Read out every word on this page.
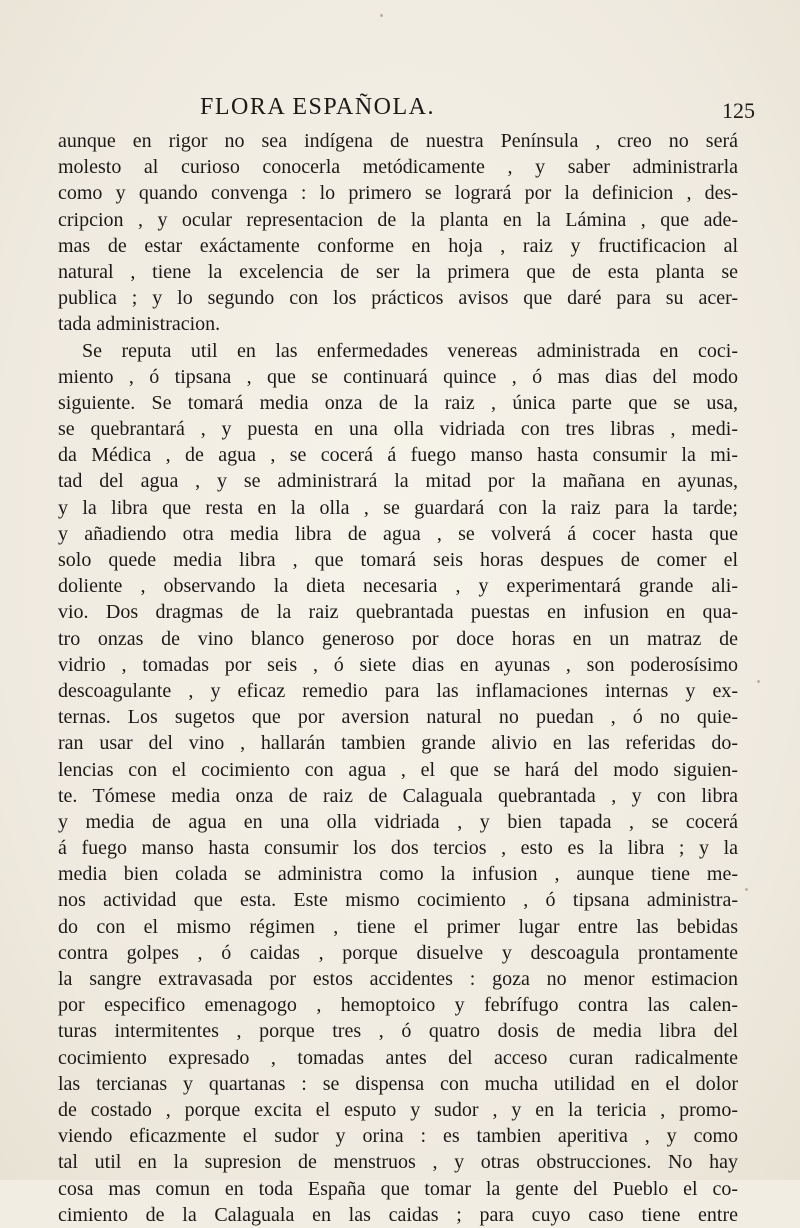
FLORA ESPAÑOLA.	125
aunque en rigor no sea indígena de nuestra Península , creo no será
molesto al curioso conocerla metódicamente , y saber administrarla
como y quando convenga : lo primero se logrará por la definicion , des-
cripcion , y ocular representacion de la planta en la Lámina , que ade-
mas de estar exáctamente conforme en hoja , raiz y fructificacion al
natural , tiene la excelencia de ser la primera que de esta planta se
publica ; y lo segundo con los prácticos avisos que daré para su acer-
tada administracion.
Se reputa util en las enfermedades venereas administrada en coci-
miento , ó tipsana , que se continuará quince , ó mas dias del modo
siguiente. Se tomará media onza de la raiz , única parte que se usa,
se quebrantará , y puesta en una olla vidriada con tres libras , medi-
da Médica , de agua , se cocerá á fuego manso hasta consumir la mi-
tad del agua , y se administrará la mitad por la mañana en ayunas,
y la libra que resta en la olla , se guardará con la raiz para la tarde;
y añadiendo otra media libra de agua , se volverá á cocer hasta que
solo quede media libra , que tomará seis horas despues de comer el
doliente , observando la dieta necesaria , y experimentará grande ali-
vio. Dos dragmas de la raiz quebrantada puestas en infusion en qua-
tro onzas de vino blanco generoso por doce horas en un matraz de
vidrio , tomadas por seis , ó siete dias en ayunas , son poderosísimo
descoagulante , y eficaz remedio para las inflamaciones internas y ex-
ternas. Los sugetos que por aversion natural no puedan , ó no quie-
ran usar del vino , hallarán tambien grande alivio en las referidas do-
lencias con el cocimiento con agua , el que se hará del modo siguien-
te. Tómese media onza de raiz de Calaguala quebrantada , y con libra
y media de agua en una olla vidriada , y bien tapada , se cocerá
á fuego manso hasta consumir los dos tercios , esto es la libra ; y la
media bien colada se administra como la infusion , aunque tiene me-
nos actividad que esta. Este mismo cocimiento , ó tipsana administra-
do con el mismo régimen , tiene el primer lugar entre las bebidas
contra golpes , ó caidas , porque disuelve y descoagula prontamente
la sangre extravasada por estos accidentes : goza no menor estimacion
por especifico emenagogo , hemoptoico y febrífugo contra las calen-
turas intermitentes , porque tres , ó quatro dosis de media libra del
cocimiento expresado , tomadas antes del acceso curan radicalmente
las tercianas y quartanas : se dispensa con mucha utilidad en el dolor
de costado , porque excita el esputo y sudor , y en la tericia , promo-
viendo eficazmente el sudor y orina : es tambien aperitiva , y como
tal util en la supresion de menstruos , y otras obstrucciones. No hay
cosa mas comun en toda España que tomar la gente del Pueblo el co-
cimiento de la Calaguala en las caidas ; para cuyo caso tiene entre
